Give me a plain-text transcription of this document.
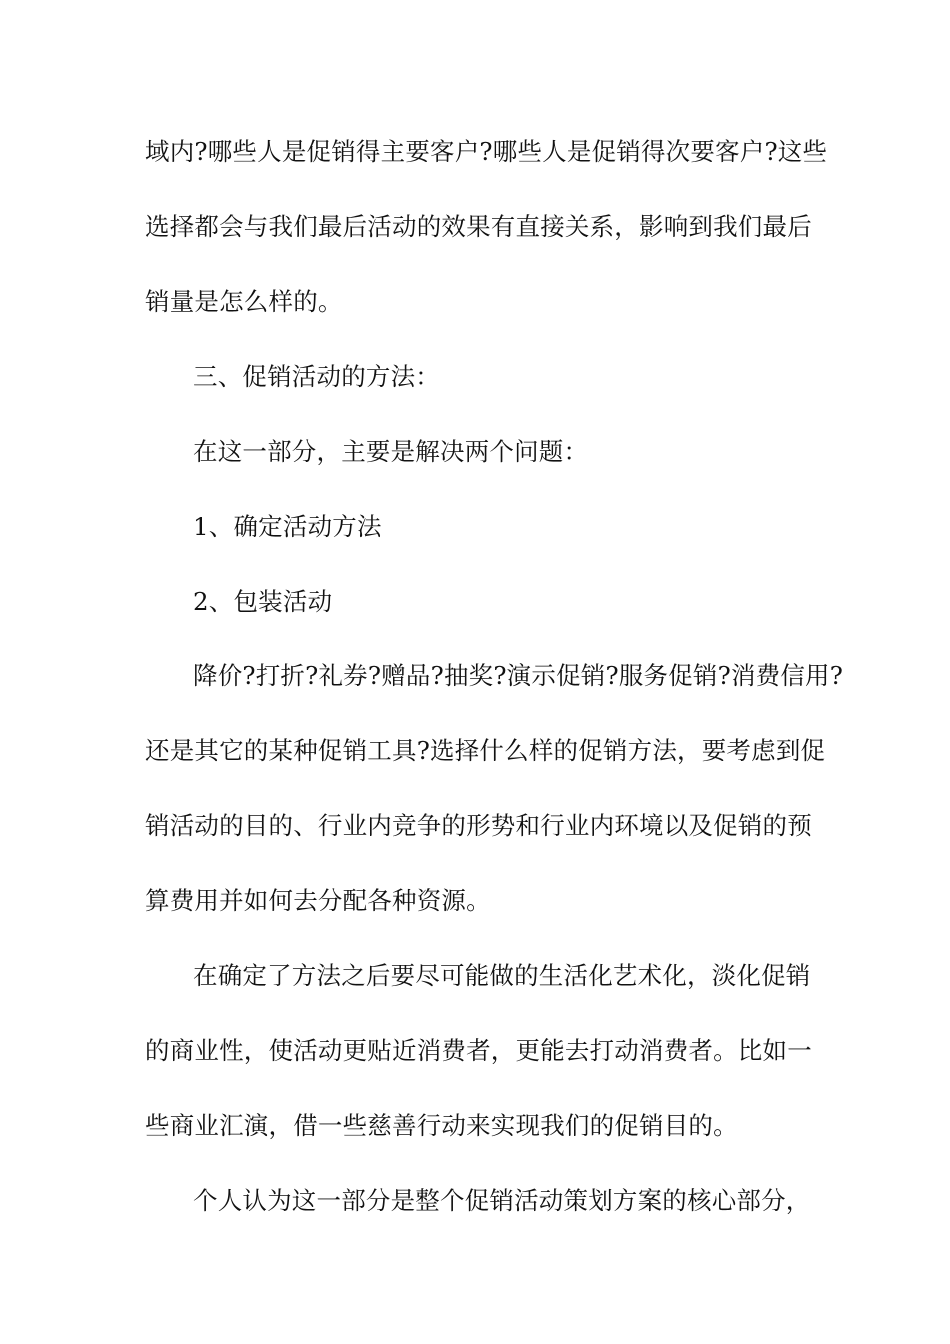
域内?哪些人是促销得主要客户?哪些人是促销得次要客户?这些

选择都会与我们最后活动的效果有直接关系，影响到我们最后

销量是怎么样的。

三、促销活动的方法：

在这一部分，主要是解决两个问题：

1、确定活动方法

2、包装活动

降价?打折?礼券?赠品?抽奖?演示促销?服务促销?消费信用?

还是其它的某种促销工具?选择什么样的促销方法，要考虑到促

销活动的目的、行业内竞争的形势和行业内环境以及促销的预

算费用并如何去分配各种资源。

在确定了方法之后要尽可能做的生活化艺术化，淡化促销

的商业性，使活动更贴近消费者，更能去打动消费者。比如一

些商业汇演，借一些慈善行动来实现我们的促销目的。

个人认为这一部分是整个促销活动策划方案的核心部分，
